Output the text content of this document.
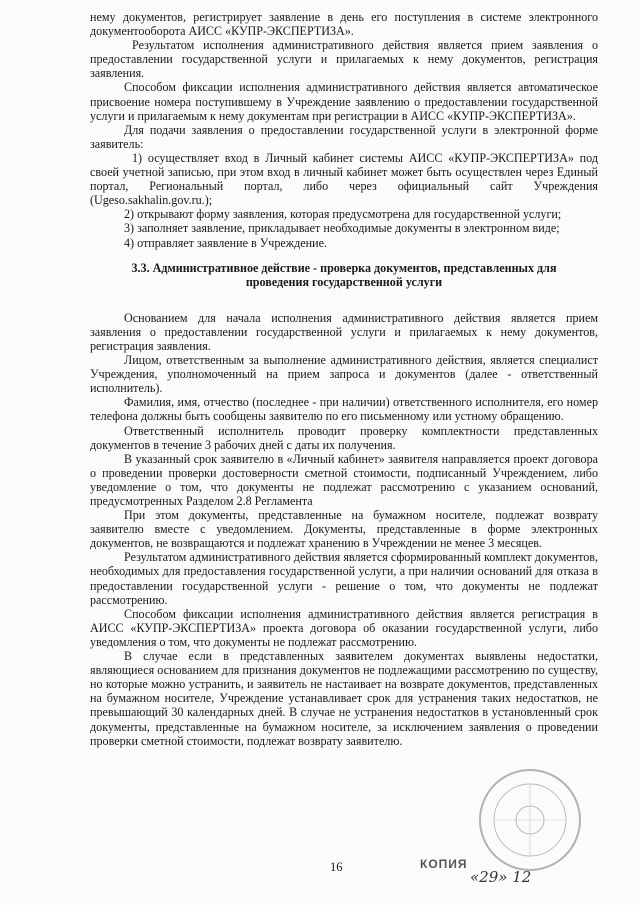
нему документов, регистрирует заявление в день его поступления в системе электронного документооборота АИСС «КУПР-ЭКСПЕРТИЗА».

Результатом исполнения административного действия является прием заявления о предоставлении государственной услуги и прилагаемых к нему документов, регистрация заявления.

Способом фиксации исполнения административного действия является автоматическое присвоение номера поступившему в Учреждение заявлению о предоставлении государственной услуги и прилагаемым к нему документам при регистрации в АИСС «КУПР-ЭКСПЕРТИЗА».

Для подачи заявления о предоставлении государственной услуги в электронной форме заявитель:

1) осуществляет вход в Личный кабинет системы АИСС «КУПР-ЭКСПЕРТИЗА» под своей учетной записью, при этом вход в личный кабинет может быть осуществлен через Единый портал, Региональный портал, либо через официальный сайт Учреждения (Ugeso.sakhalin.gov.ru.);

2) открывают форму заявления, которая предусмотрена для государственной услуги;

3) заполняет заявление, прикладывает необходимые документы в электронном виде;

4) отправляет заявление в Учреждение.

3.3. Административное действие - проверка документов, представленных для проведения государственной услуги

Основанием для начала исполнения административного действия является прием заявления о предоставлении государственной услуги и прилагаемых к нему документов, регистрация заявления.

Лицом, ответственным за выполнение административного действия, является специалист Учреждения, уполномоченный на прием запроса и документов (далее - ответственный исполнитель).

Фамилия, имя, отчество (последнее - при наличии) ответственного исполнителя, его номер телефона должны быть сообщены заявителю по его письменному или устному обращению.

Ответственный исполнитель проводит проверку комплектности представленных документов в течение 3 рабочих дней с даты их получения.

В указанный срок заявителю в «Личный кабинет» заявителя направляется проект договора о проведении проверки достоверности сметной стоимости, подписанный Учреждением, либо уведомление о том, что документы не подлежат рассмотрению с указанием оснований, предусмотренных Разделом 2.8 Регламента

При этом документы, представленные на бумажном носителе, подлежат возврату заявителю вместе с уведомлением. Документы, представленные в форме электронных документов, не возвращаются и подлежат хранению в Учреждении не менее 3 месяцев.

Результатом административного действия является сформированный комплект документов, необходимых для предоставления государственной услуги, а при наличии оснований для отказа в предоставлении государственной услуги - решение о том, что документы не подлежат рассмотрению.

Способом фиксации исполнения административного действия является регистрация в АИСС «КУПР-ЭКСПЕРТИЗА» проекта договора об оказании государственной услуги, либо уведомления о том, что документы не подлежат рассмотрению.

В случае если в представленных заявителем документах выявлены недостатки, являющиеся основанием для признания документов не подлежащими рассмотрению по существу, но которые можно устранить, и заявитель не настаивает на возврате документов, представленных на бумажном носителе, Учреждение устанавливает срок для устранения таких недостатков, не превышающий 30 календарных дней. В случае не устранения недостатков в установленный срок документы, представленные на бумажном носителе, за исключением заявления о проведении проверки сметной стоимости, подлежат возврату заявителю.

16	КОПИЯ
«29» 12
